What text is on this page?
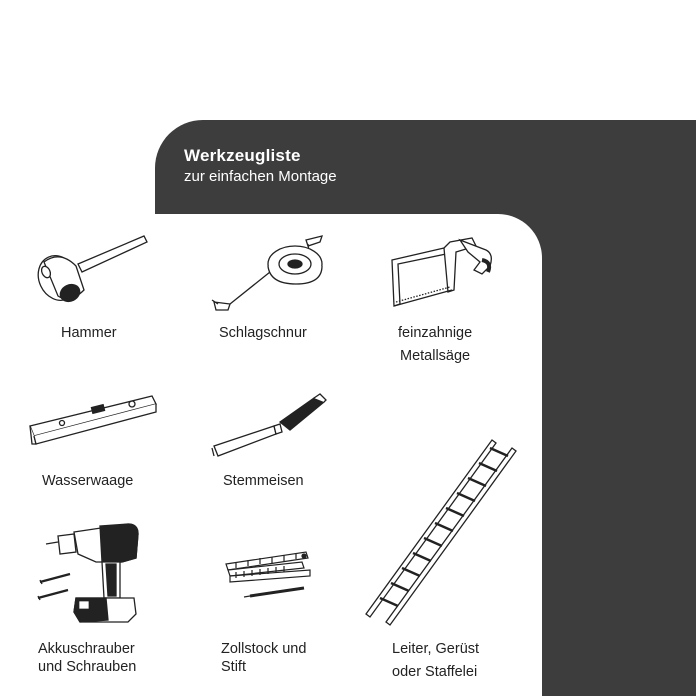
Werkzeugliste
zur einfachen Montage
Hammer	Schlagschnur	feinzahnige
Metallsäge
Wasserwaage	Stemmeisen
Akkuschrauber
und Schrauben
Zollstock und
Stift
Leiter, Gerüst
oder Staffelei
